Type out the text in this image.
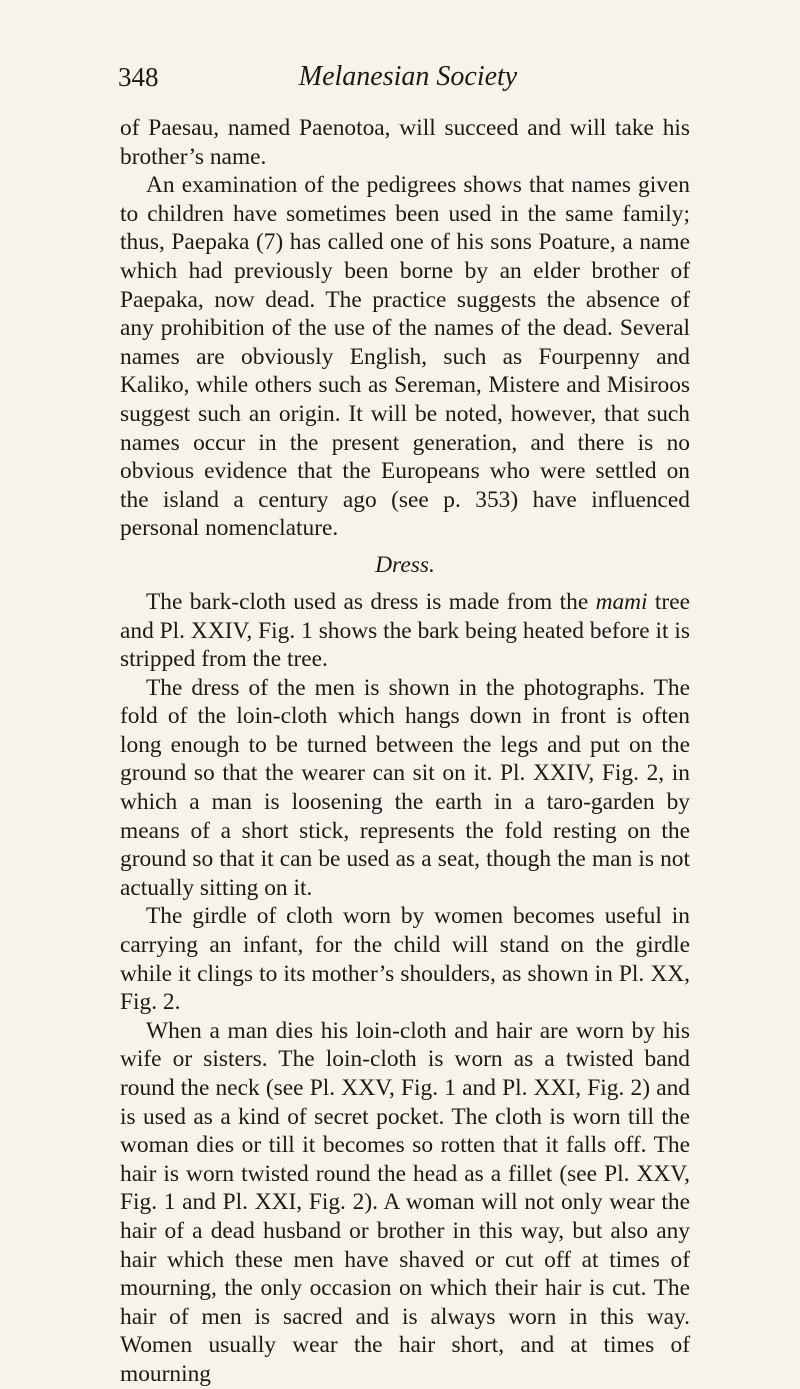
348	Melanesian Society

of Paesau, named Paenotoa, will succeed and will take his brother’s name.

An examination of the pedigrees shows that names given to children have sometimes been used in the same family; thus, Paepaka (7) has called one of his sons Poature, a name which had previously been borne by an elder brother of Paepaka, now dead. The practice suggests the absence of any prohibition of the use of the names of the dead. Several names are obviously English, such as Fourpenny and Kaliko, while others such as Sereman, Mistere and Misiroos suggest such an origin. It will be noted, however, that such names occur in the present generation, and there is no obvious evidence that the Europeans who were settled on the island a century ago (see p. 353) have influenced personal nomenclature.

Dress.

The bark-cloth used as dress is made from the mami tree and Pl. XXIV, Fig. 1 shows the bark being heated before it is stripped from the tree.

The dress of the men is shown in the photographs. The fold of the loin-cloth which hangs down in front is often long enough to be turned between the legs and put on the ground so that the wearer can sit on it. Pl. XXIV, Fig. 2, in which a man is loosening the earth in a taro-garden by means of a short stick, represents the fold resting on the ground so that it can be used as a seat, though the man is not actually sitting on it.

The girdle of cloth worn by women becomes useful in carrying an infant, for the child will stand on the girdle while it clings to its mother’s shoulders, as shown in Pl. XX, Fig. 2.

When a man dies his loin-cloth and hair are worn by his wife or sisters. The loin-cloth is worn as a twisted band round the neck (see Pl. XXV, Fig. 1 and Pl. XXI, Fig. 2) and is used as a kind of secret pocket. The cloth is worn till the woman dies or till it becomes so rotten that it falls off. The hair is worn twisted round the head as a fillet (see Pl. XXV, Fig. 1 and Pl. XXI, Fig. 2). A woman will not only wear the hair of a dead husband or brother in this way, but also any hair which these men have shaved or cut off at times of mourning, the only occasion on which their hair is cut. The hair of men is sacred and is always worn in this way. Women usually wear the hair short, and at times of mourning
